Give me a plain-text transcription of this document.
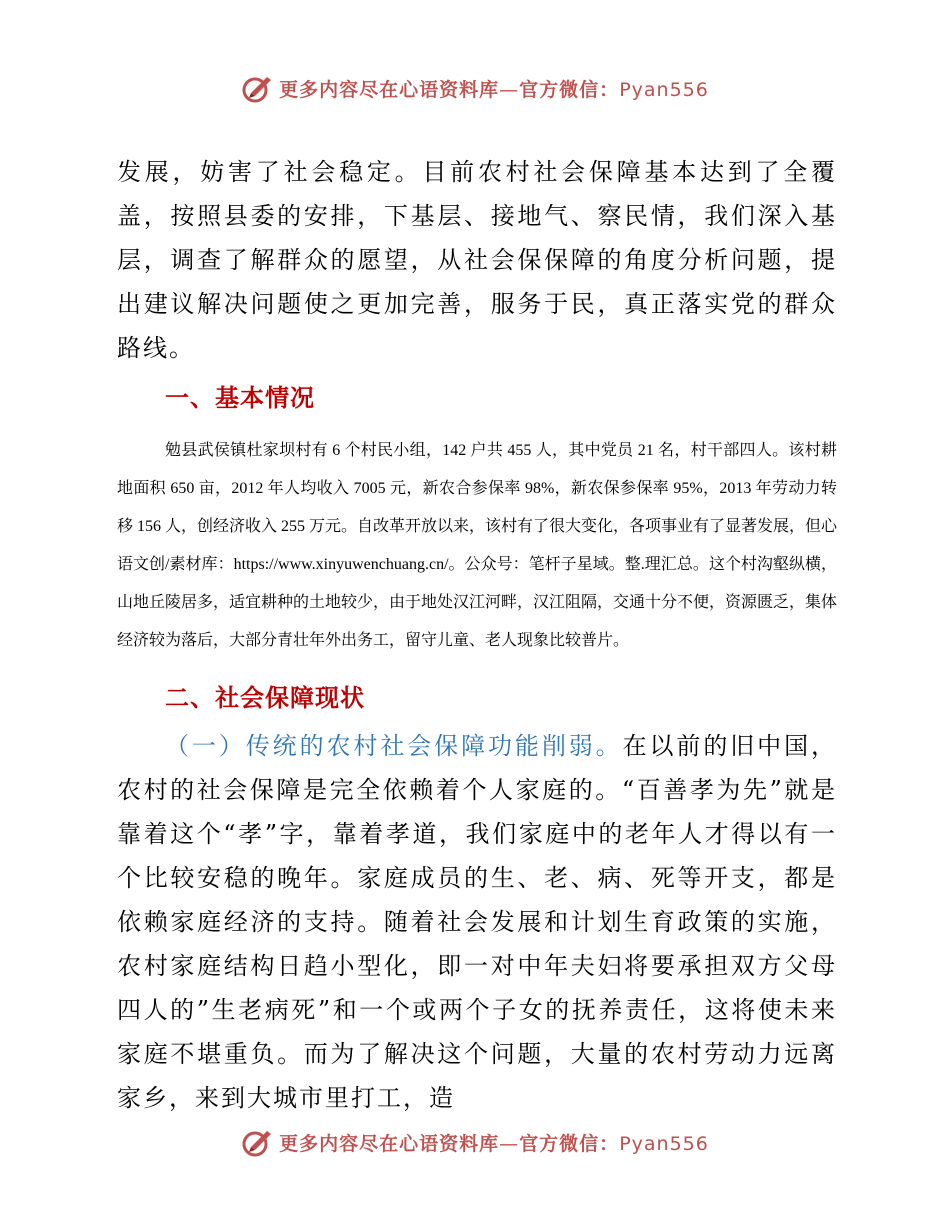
更多内容尽在心语资料库—官方微信：Pyan556

发展，妨害了社会稳定。目前农村社会保障基本达到了全覆盖，按照县委的安排，下基层、接地气、察民情，我们深入基层，调查了解群众的愿望，从社会保保障的角度分析问题，提出建议解决问题使之更加完善，服务于民，真正落实党的群众路线。

一、基本情况

勉县武侯镇杜家坝村有 6 个村民小组，142 户共 455 人，其中党员 21 名，村干部四人。该村耕地面积 650 亩，2012 年人均收入 7005 元，新农合参保率 98%，新农保参保率 95%，2013 年劳动力转移 156 人，创经济收入 255 万元。自改革开放以来，该村有了很大变化，各项事业有了显著发展，但心语文创/素材库：https://www.xinyuwenchuang.cn/。公众号：笔杆子星域。整.理汇总。这个村沟壑纵横，山地丘陵居多，适宜耕种的土地较少，由于地处汉江河畔，汉江阻隔，交通十分不便，资源匮乏，集体经济较为落后，大部分青壮年外出务工，留守儿童、老人现象比较普片。

二、社会保障现状

（一）传统的农村社会保障功能削弱。在以前的旧中国，农村的社会保障是完全依赖着个人家庭的。“百善孝为先”就是靠着这个“孝”字，靠着孝道，我们家庭中的老年人才得以有一个比较安稳的晚年。家庭成员的生、老、病、死等开支，都是依赖家庭经济的支持。随着社会发展和计划生育政策的实施，农村家庭结构日趋小型化，即一对中年夫妇将要承担双方父母四人的”生老病死”和一个或两个子女的抚养责任，这将使未来家庭不堪重负。而为了解决这个问题，大量的农村劳动力远离家乡，来到大城市里打工，造

更多内容尽在心语资料库—官方微信：Pyan556
